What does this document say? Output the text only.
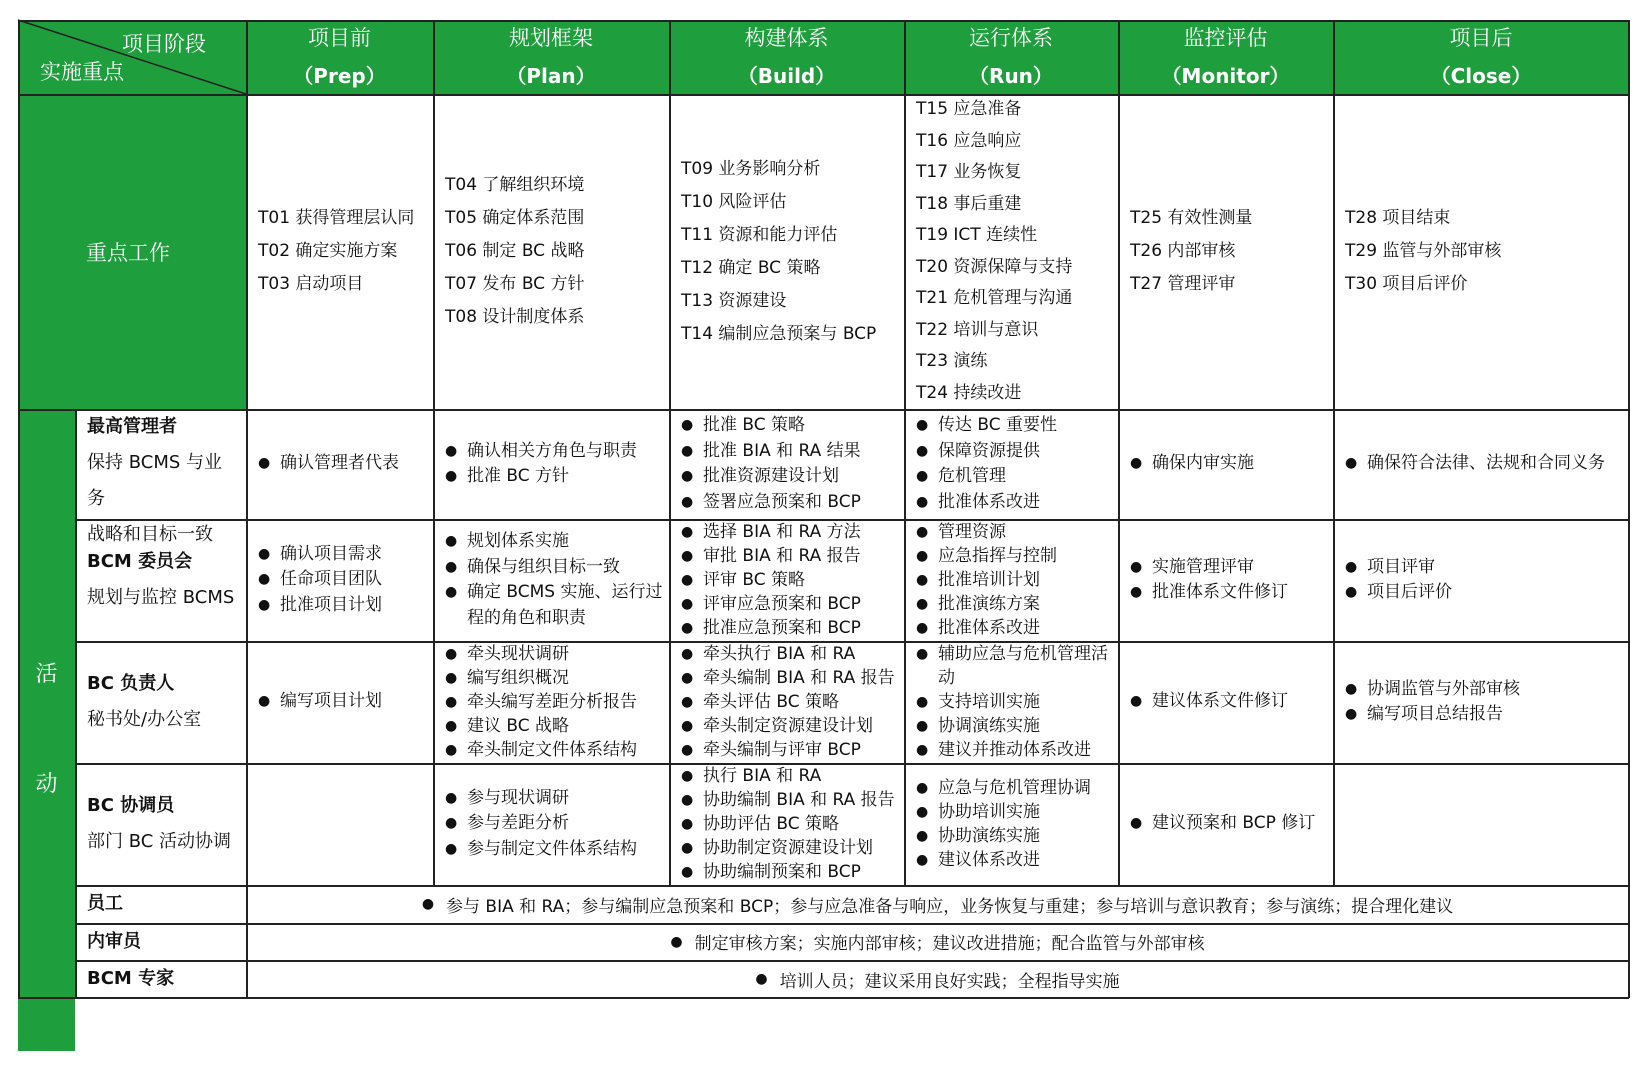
项目阶段
实施重点
项目前
（Prep）
规划框架
（Plan）
构建体系
（Build）
运行体系
（Run）
监控评估
（Monitor）
项目后
（Close）
重点工作
T01 获得管理层认同
T02 确定实施方案
T03 启动项目
T04 了解组织环境
T05 确定体系范围
T06 制定 BC 战略
T07 发布 BC 方针
T08 设计制度体系
T09 业务影响分析
T10 风险评估
T11 资源和能力评估
T12 确定 BC 策略
T13 资源建设
T14 编制应急预案与 BCP
T15 应急准备
T16 应急响应
T17 业务恢复
T18 事后重建
T19 ICT 连续性
T20 资源保障与支持
T21 危机管理与沟通
T22 培训与意识
T23 演练
T24 持续改进
T25 有效性测量
T26 内部审核
T27 管理评审
T28 项目结束
T29 监管与外部审核
T30 项目后评价
活
动
最高管理者
保持 BCMS 与业务
战略和目标一致
● 确认管理者代表
● 确认相关方角色与职责
● 批准 BC 方针
● 批准 BC 策略
● 批准 BIA 和 RA 结果
● 批准资源建设计划
● 签署应急预案和 BCP
● 传达 BC 重要性
● 保障资源提供
● 危机管理
● 批准体系改进
● 确保内审实施
●	确保符合法律、法规和合同义务
BCM 委员会
规划与监控 BCMS
● 确认项目需求
● 任命项目团队
● 批准项目计划
● 规划体系实施
● 确保与组织目标一致
● 确定 BCMS 实施、运行过程的角色和职责
● 选择 BIA 和 RA 方法
● 审批 BIA 和 RA 报告
● 评审 BC 策略
● 评审应急预案和 BCP
● 批准应急预案和 BCP
● 管理资源
● 应急指挥与控制
● 批准培训计划
● 批准演练方案
● 批准体系改进
● 实施管理评审
● 批准体系文件修订
● 项目评审
● 项目后评价
BC 负责人
秘书处/办公室
● 编写项目计划
● 牵头现状调研
● 编写组织概况
● 牵头编写差距分析报告
● 建议 BC 战略
● 牵头制定文件体系结构
● 牵头执行 BIA 和 RA
● 牵头编制 BIA 和 RA 报告
● 牵头评估 BC 策略
● 牵头制定资源建设计划
● 牵头编制与评审 BCP
● 辅助应急与危机管理活动
● 支持培训实施
● 协调演练实施
● 建议并推动体系改进
● 建议体系文件修订
● 协调监管与外部审核
● 编写项目总结报告
BC 协调员
部门 BC 活动协调
● 参与现状调研
● 参与差距分析
● 参与制定文件体系结构
● 执行 BIA 和 RA
● 协助编制 BIA 和 RA 报告
● 协助评估 BC 策略
● 协助制定资源建设计划
● 协助编制预案和 BCP
● 应急与危机管理协调
● 协助培训实施
● 协助演练实施
● 建议体系改进
● 建议预案和 BCP 修订
员工	● 参与 BIA 和 RA；参与编制应急预案和 BCP；参与应急准备与响应，业务恢复与重建；参与培训与意识教育；参与演练；提合理化建议
内审员	● 制定审核方案；实施内部审核；建议改进措施；配合监管与外部审核
BCM 专家	● 培训人员；建议采用良好实践；全程指导实施
